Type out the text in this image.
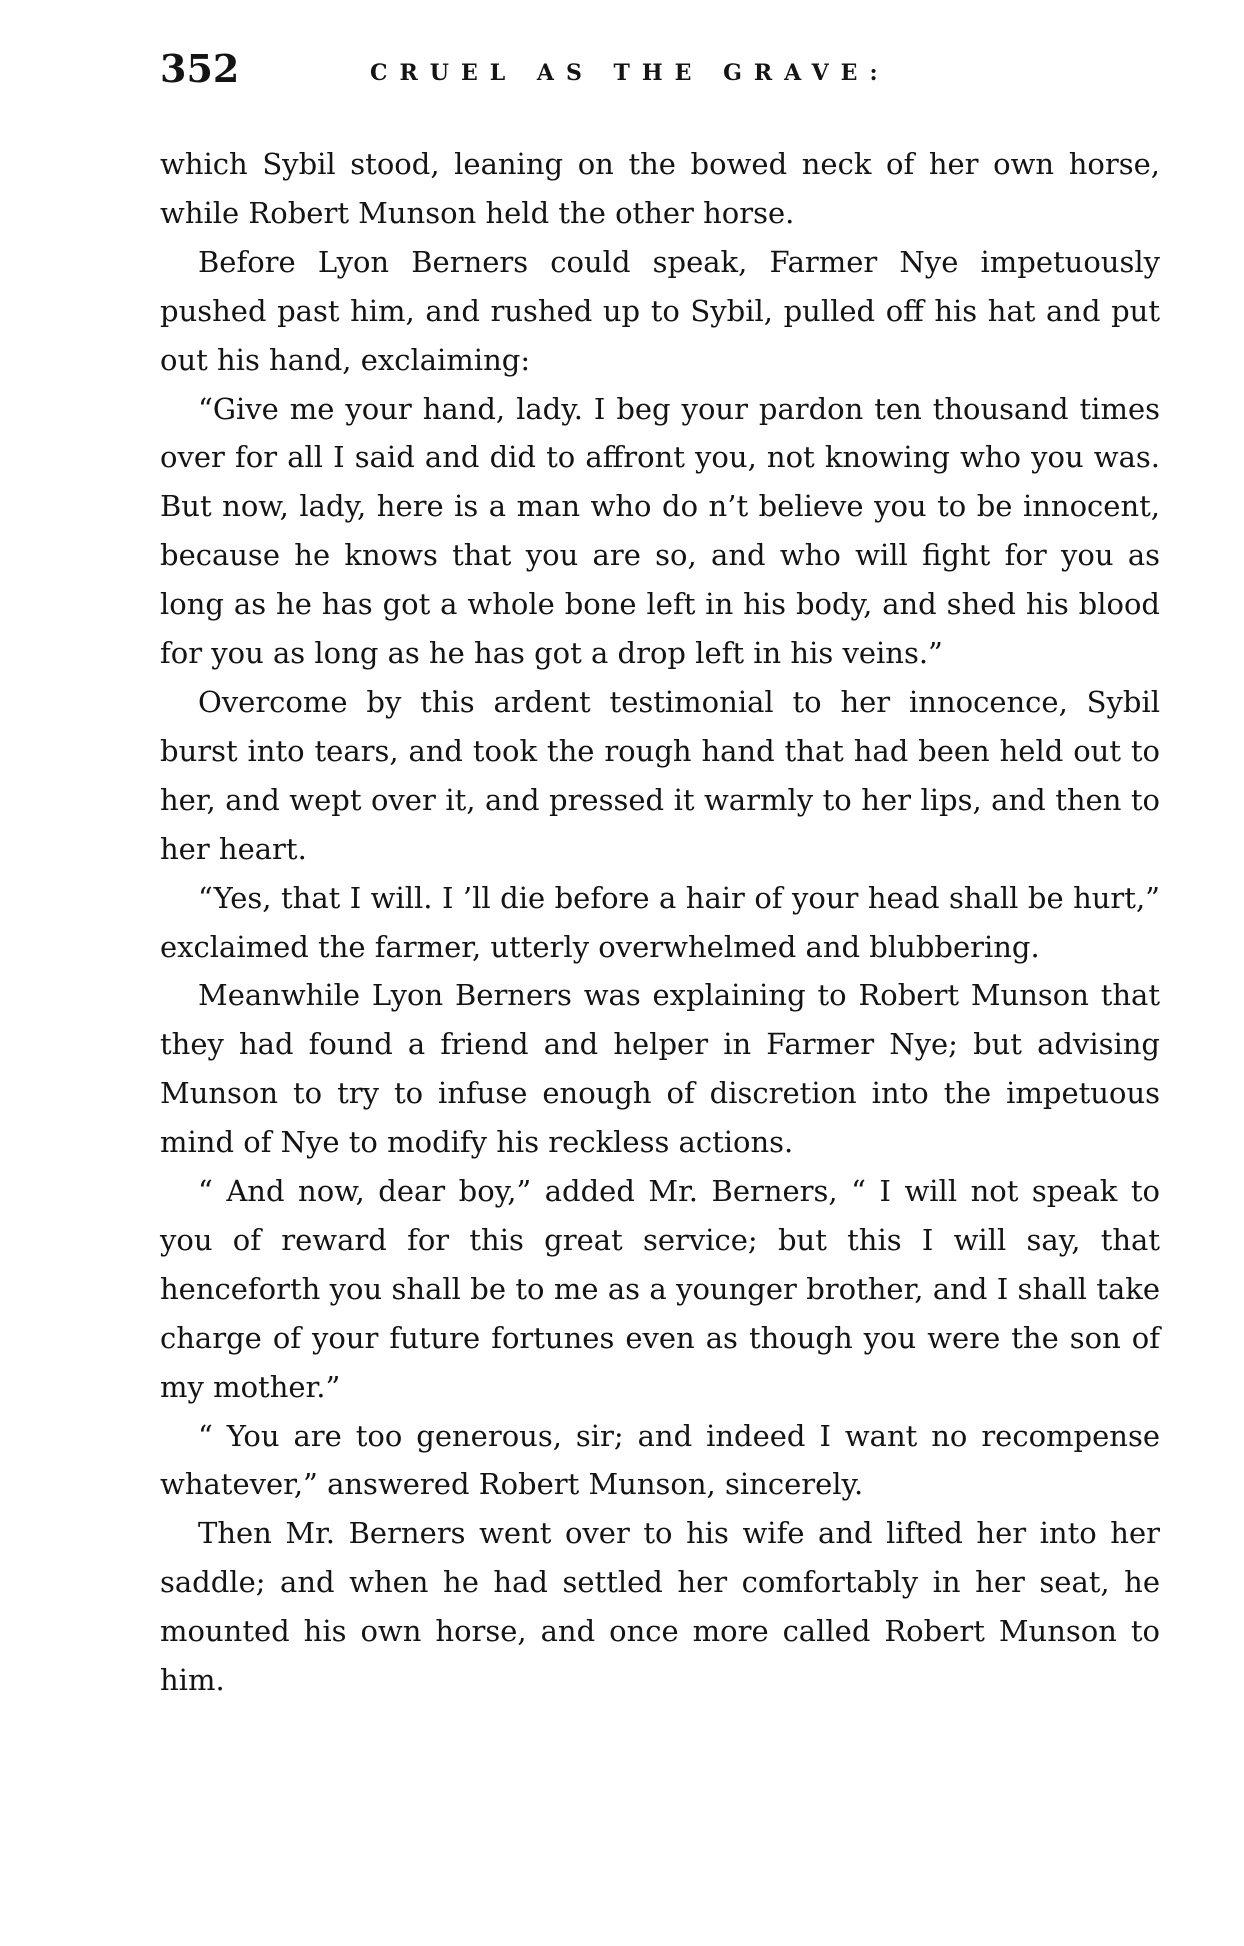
352	CRUEL AS THE GRAVE:

which Sybil stood, leaning on the bowed neck of her own horse, while Robert Munson held the other horse.

Before Lyon Berners could speak, Farmer Nye impetuously pushed past him, and rushed up to Sybil, pulled off his hat and put out his hand, exclaiming:

“Give me your hand, lady. I beg your pardon ten thousand times over for all I said and did to affront you, not knowing who you was. But now, lady, here is a man who do n’t believe you to be innocent, because he knows that you are so, and who will fight for you as long as he has got a whole bone left in his body, and shed his blood for you as long as he has got a drop left in his veins.”

Overcome by this ardent testimonial to her innocence, Sybil burst into tears, and took the rough hand that had been held out to her, and wept over it, and pressed it warmly to her lips, and then to her heart.

“Yes, that I will. I ’ll die before a hair of your head shall be hurt,” exclaimed the farmer, utterly overwhelmed and blubbering.

Meanwhile Lyon Berners was explaining to Robert Munson that they had found a friend and helper in Farmer Nye; but advising Munson to try to infuse enough of discretion into the impetuous mind of Nye to modify his reckless actions.

“ And now, dear boy,” added Mr. Berners, “ I will not speak to you of reward for this great service; but this I will say, that henceforth you shall be to me as a younger brother, and I shall take charge of your future fortunes even as though you were the son of my mother.”

“ You are too generous, sir; and indeed I want no recompense whatever,” answered Robert Munson, sincerely.

Then Mr. Berners went over to his wife and lifted her into her saddle; and when he had settled her comfortably in her seat, he mounted his own horse, and once more called Robert Munson to him.
